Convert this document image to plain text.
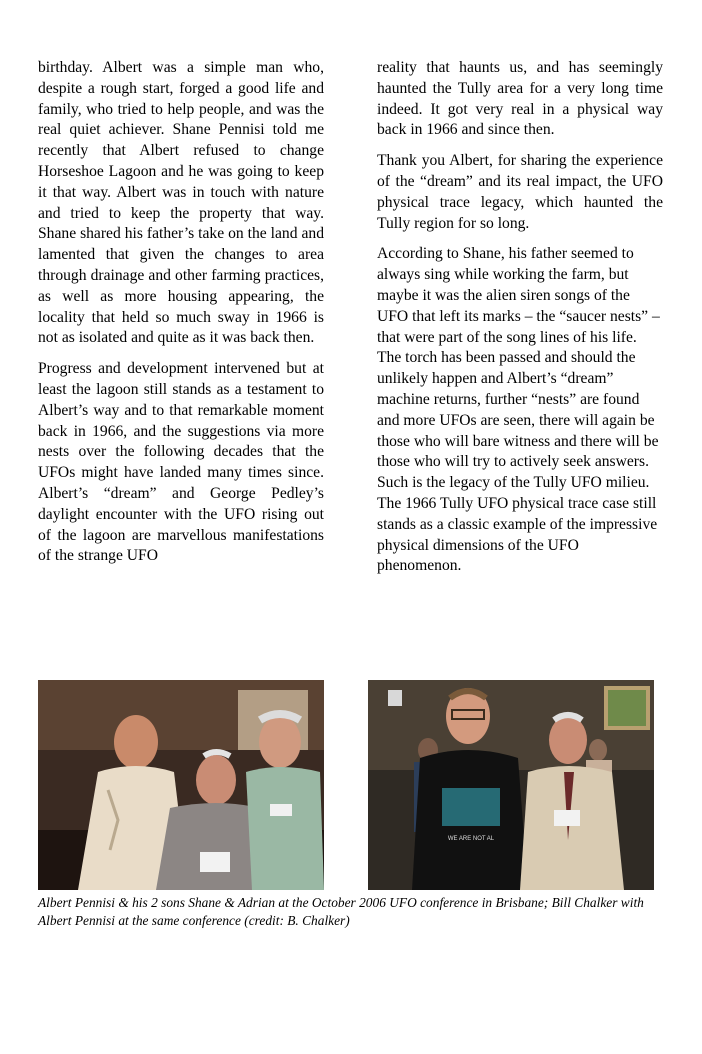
birthday. Albert was a simple man who, despite a rough start, forged a good life and family, who tried to help people, and was the real quiet achiever. Shane Pennisi told me recently that Albert refused to change Horseshoe Lagoon and he was going to keep it that way. Albert was in touch with nature and tried to keep the property that way. Shane shared his father’s take on the land and lamented that given the changes to area through drainage and other farming practices, as well as more housing appearing, the locality that held so much sway in 1966 is not as isolated and quite as it was back then.

Progress and development intervened but at least the lagoon still stands as a testament to Albert’s way and to that remarkable moment back in 1966, and the suggestions via more nests over the following decades that the UFOs might have landed many times since. Albert’s “dream” and George Pedley’s daylight encounter with the UFO rising out of the lagoon are marvellous manifestations of the strange UFO

reality that haunts us, and has seemingly haunted the Tully area for a very long time indeed. It got very real in a physical way back in 1966 and since then.

Thank you Albert, for sharing the experience of the “dream” and its real impact, the UFO physical trace legacy, which haunted the Tully region for so long.

According to Shane, his father seemed to always sing while working the farm, but maybe it was the alien siren songs of the UFO that left its marks – the “saucer nests” – that were part of the song lines of his life. The torch has been passed and should the unlikely happen and Albert’s “dream” machine returns, further “nests” are found and more UFOs are seen, there will again be those who will bare witness and there will be those who will try to actively seek answers. Such is the legacy of the Tully UFO milieu. The 1966 Tully UFO physical trace case still stands as a classic example of the impressive physical dimensions of the UFO phenomenon.

WE ARE NOT AL
Albert Pennisi & his 2 sons Shane & Adrian at the October 2006 UFO conference in Brisbane; Bill Chalker with Albert Pennisi at the same conference (credit: B. Chalker)
